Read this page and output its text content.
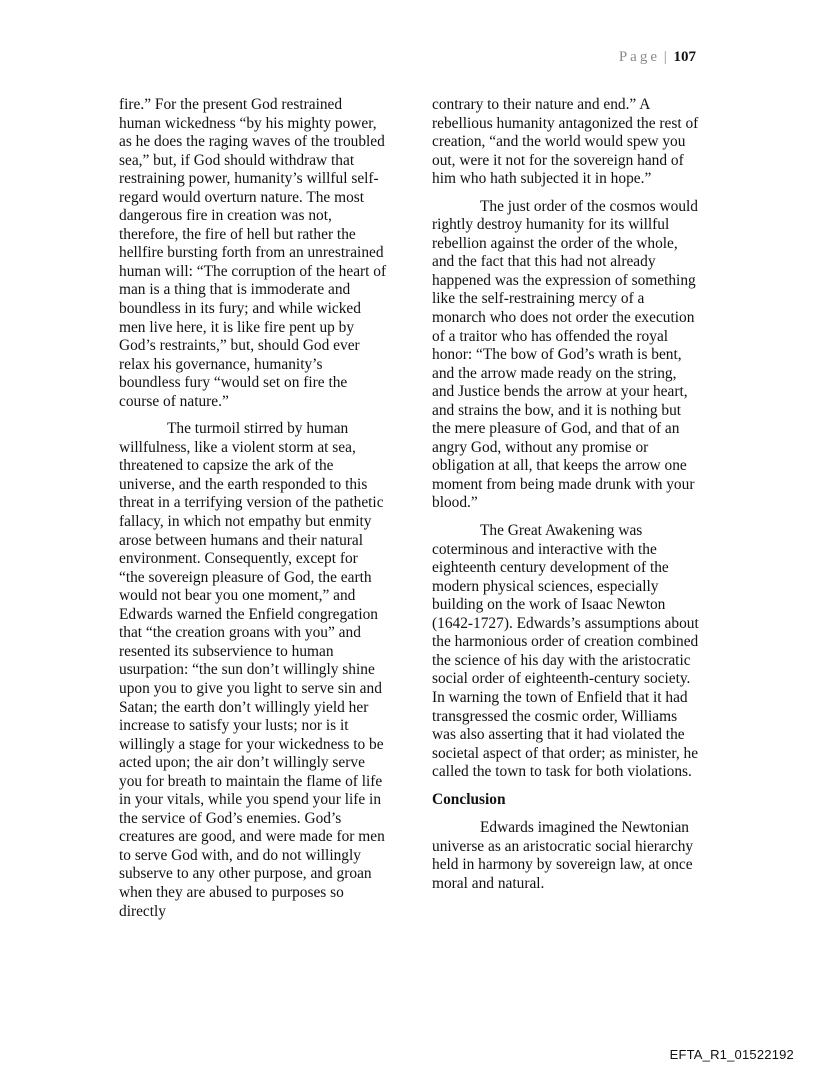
Page | 107

fire.” For the present God restrained human wickedness “by his mighty power, as he does the raging waves of the troubled sea,” but, if God should withdraw that restraining power, humanity’s willful self-regard would overturn nature. The most dangerous fire in creation was not, therefore, the fire of hell but rather the hellfire bursting forth from an unrestrained human will: “The corruption of the heart of man is a thing that is immoderate and boundless in its fury; and while wicked men live here, it is like fire pent up by God’s restraints,” but, should God ever relax his governance, humanity’s boundless fury “would set on fire the course of nature.”

The turmoil stirred by human willfulness, like a violent storm at sea, threatened to capsize the ark of the universe, and the earth responded to this threat in a terrifying version of the pathetic fallacy, in which not empathy but enmity arose between humans and their natural environment. Consequently, except for “the sovereign pleasure of God, the earth would not bear you one moment,” and Edwards warned the Enfield congregation that “the creation groans with you” and resented its subservience to human usurpation: “the sun don’t willingly shine upon you to give you light to serve sin and Satan; the earth don’t willingly yield her increase to satisfy your lusts; nor is it willingly a stage for your wickedness to be acted upon; the air don’t willingly serve you for breath to maintain the flame of life in your vitals, while you spend your life in the service of God’s enemies. God’s creatures are good, and were made for men to serve God with, and do not willingly subserve to any other purpose, and groan when they are abused to purposes so directly

contrary to their nature and end.” A rebellious humanity antagonized the rest of creation, “and the world would spew you out, were it not for the sovereign hand of him who hath subjected it in hope.”

The just order of the cosmos would rightly destroy humanity for its willful rebellion against the order of the whole, and the fact that this had not already happened was the expression of something like the self-restraining mercy of a monarch who does not order the execution of a traitor who has offended the royal honor: “The bow of God’s wrath is bent, and the arrow made ready on the string, and Justice bends the arrow at your heart, and strains the bow, and it is nothing but the mere pleasure of God, and that of an angry God, without any promise or obligation at all, that keeps the arrow one moment from being made drunk with your blood.”

The Great Awakening was coterminous and interactive with the eighteenth century development of the modern physical sciences, especially building on the work of Isaac Newton (1642-1727). Edwards’s assumptions about the harmonious order of creation combined the science of his day with the aristocratic social order of eighteenth-century society. In warning the town of Enfield that it had transgressed the cosmic order, Williams was also asserting that it had violated the societal aspect of that order; as minister, he called the town to task for both violations.

Conclusion

Edwards imagined the Newtonian universe as an aristocratic social hierarchy held in harmony by sovereign law, at once moral and natural.

EFTA_R1_01522192
